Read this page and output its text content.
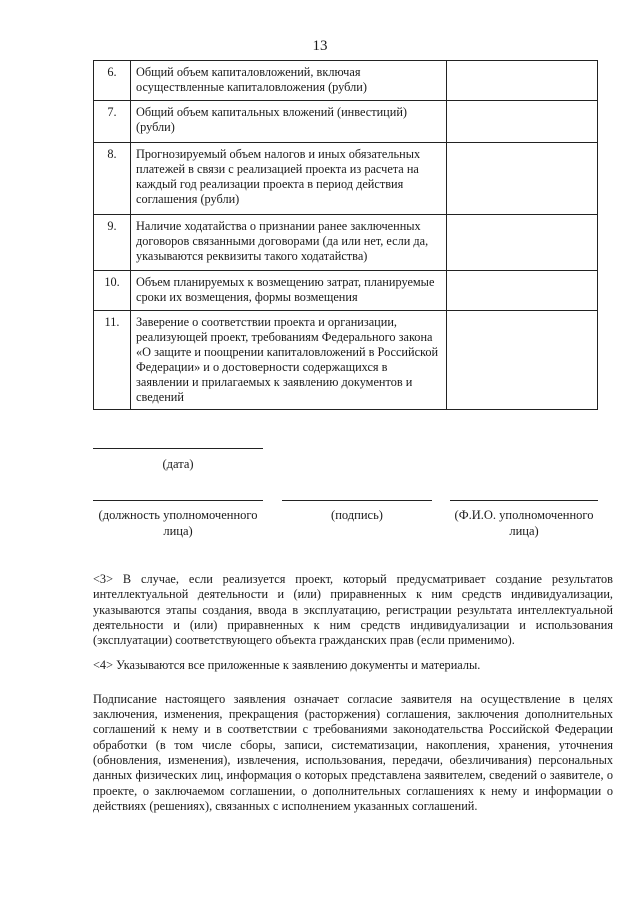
13
6.	Общий объем капиталовложений, включая осуществленные капиталовложения (рубли)	
7.	Общий объем капитальных вложений (инвестиций) (рубли)	
8.	Прогнозируемый объем налогов и иных обязательных платежей в связи с реализацией проекта из расчета на каждый год реализации проекта в период действия соглашения (рубли)	
9.	Наличие ходатайства о признании ранее заключенных договоров связанными договорами (да или нет, если да, указываются реквизиты такого ходатайства)	
10.	Объем планируемых к возмещению затрат, планируемые сроки их возмещения, формы возмещения	
11.	Заверение о соответствии проекта и организации, реализующей проект, требованиям Федерального закона «О защите и поощрении капиталовложений в Российской Федерации» и о достоверности содержащихся в заявлении и прилагаемых к заявлению документов и сведений	
(дата)
(должность уполномоченного лица)
(подпись)	(Ф.И.О. уполномоченного лица)

<3> В случае, если реализуется проект, который предусматривает создание результатов интеллектуальной деятельности и (или) приравненных к ним средств индивидуализации, указываются этапы создания, ввода в эксплуатацию, регистрации результата интеллектуальной деятельности и (или) приравненных к ним средств индивидуализации и использования (эксплуатации) соответствующего объекта гражданских прав (если применимо).

<4> Указываются все приложенные к заявлению документы и материалы.

Подписание настоящего заявления означает согласие заявителя на осуществление в целях заключения, изменения, прекращения (расторжения) соглашения, заключения дополнительных соглашений к нему и в соответствии с требованиями законодательства Российской Федерации обработки (в том числе сборы, записи, систематизации, накопления, хранения, уточнения (обновления, изменения), извлечения, использования, передачи, обезличивания) персональных данных физических лиц, информация о которых представлена заявителем, сведений о заявителе, о проекте, о заключаемом соглашении, о дополнительных соглашениях к нему и информации о действиях (решениях), связанных с исполнением указанных соглашений.
